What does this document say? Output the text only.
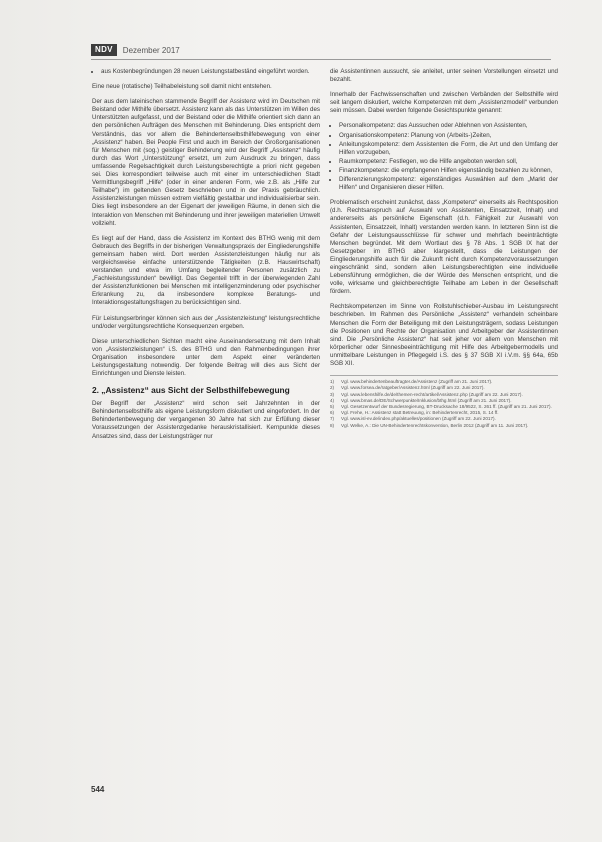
NDV	Dezember 2017
• aus Kostenbegründungen 28 neuen Leistungstatbeständ eingeführt worden.

Eine neue (rotatische) Teilhabeleistung soll damit nicht entstehen.

Der aus dem lateinischen stammende Begriff der Assistenz wird im Deutschen mit Beistand oder Mithilfe übersetzt. Assistenz kann als das Unterstützen im Willen des Unterstützten aufgefasst, und der Beistand oder die Mithilfe orientiert sich dann an den persönlichen Aufträgen des Menschen mit Behinderung. Dies entspricht dem Verständnis, das vor allem die Behindertenselbsthilfebewegung von einer „Assistenz“ haben. Bei People First und auch im Bereich der Großorganisationen für Menschen mit (sog.) geistiger Behinderung wird der Begriff „Assistenz“ häufig durch das Wort „Unterstützung“ ersetzt, um zum Ausdruck zu bringen, dass umfassende Regelsachtigkeit durch Leistungsberechtigte a priori nicht gegeben sei. Dies korrespondiert teilweise auch mit einer im unterschiedlichen Stadt Vermittlungsbegriff „Hilfe“ (oder in einer anderen Form, wie z.B. als „Hilfe zur Teilhabe“) im geltenden Gesetz beschrieben und in der Praxis gebräuchlich. Assistenzleistungen müssen extrem vielfältig gestaltbar und individualisierbar sein. Dies liegt insbesondere an der Eigenart der jeweiligen Räume, in denen sich die Interaktion von Menschen mit Behinderung und ihrer jeweiligen materiellen Umwelt vollzieht.

Es liegt auf der Hand, dass die Assistenz im Kontext des BTHG wenig mit dem Gebrauch des Begriffs in der bisherigen Verwaltungspraxis der Eingliederungshilfe gemeinsam haben wird. Dort werden Assistenzleistungen häufig nur als vergleichsweise einfache unterstützende Tätigkeiten (z.B. Hauswirtschaft) verstanden und etwa im Umfang begleitender Personen zusätzlich zu „Fachleistungsstunden“ bewilligt. Das Gegenteil trifft in der überwiegenden Zahl der Assistenzfunktionen bei Menschen mit intelligenzminderung oder psychischer Erkrankung zu, da insbesondere komplexe Beratungs- und Interaktionsgestaltungsfragen zu berücksichtigen sind.

Für Leistungserbringer können sich aus der „Assistenzleistung“ leistungsrechtliche und/oder vergütungsrechtliche Konsequenzen ergeben.

Diese unterschiedlichen Sichten macht eine Auseinandersetzung mit dem Inhalt von „Assistenzleistungen“ i.S. des BTHG und den Rahmenbedingungen ihrer Organisation insbesondere unter dem Aspekt einer veränderten Leistungsgestaltung notwendig. Der folgende Beitrag will dies aus Sicht der Einrichtungen und Dienste leisten.

2. „Assistenz“ aus Sicht der Selbsthilfebewegung

Der Begriff der „Assistenz“ wird schon seit Jahrzehnten in der Behindertenselbsthilfe als eigene Leistungsform diskutiert und eingefordert. In der Behindertenbewegung der vergangenen 30 Jahre hat sich zur Erfüllung dieser Voraussetzungen der Assistenzgedanke herauskristallisiert. Kernpunkte dieses Ansatzes sind, dass der Leistungsträger nur

die Assistentinnen aussucht, sie anleitet, unter seinen Vorstellungen einsetzt und bezahlt.

Innerhalb der Fachwissenschaften und zwischen Verbänden der Selbsthilfe wird seit langem diskutiert, welche Kompetenzen mit dem „Assistenzmodell“ verbunden sein müssen. Dabei werden folgende Gesichtspunkte genannt:

• Personalkompetenz: das Aussuchen oder Ablehnen von Assistenten,
• Organisationskompetenz: Planung von (Arbeits-)Zeiten,
• Anleitungskompetenz: dem Assistenten die Form, die Art und den Umfang der Hilfen vorzugeben,
• Raumkompetenz: Festlegen, wo die Hilfe angeboten werden soll,
• Finanzkompetenz: die empfangenen Hilfen eigenständig bezahlen zu können,
• Differenzierungskompetenz: eigenständiges Auswählen auf dem „Markt der Hilfen“ und Organisieren dieser Hilfen.

Problematisch erscheint zunächst, dass „Kompetenz“ einerseits als Rechtsposition (d.h. Rechtsanspruch auf Auswahl von Assistenten, Einsatzzeit, Inhalt) und andererseits als persönliche Eigenschaft (d.h. Fähigkeit zur Auswahl von Assistenten, Einsatzzeit, Inhalt) verstanden werden kann. In letzteren Sinn ist die Gefahr der Leistungsausschlüsse für schwer und mehrfach beeinträchtigte Menschen begründet. Mit dem Wortlaut des § 78 Abs. 1 SGB IX hat der Gesetzgeber im BTHG aber klargestellt, dass die Leistungen der Eingliederungshilfe auch für die Zukunft nicht durch Kompetenzvoraussetzungen eingeschränkt sind, sondern allen Leistungsberechtigten eine individuelle Lebensführung ermöglichen, die der Würde des Menschen entspricht, und die volle, wirksame und gleichberechtigte Teilhabe am Leben in der Gesellschaft fördern.

Rechtskompetenzen im Sinne von Rollstuhlschieber-Ausbau im Leistungsrecht beschrieben. Im Rahmen des Persönliche „Assistenz“ verhandeln scheinbare Menschen die Form der Beteiligung mit den Leistungsträgern, sodass Leistungen die Positionen und Rechte der Organisation und Arbeitgeber der Assistentinnen sind. Die „Persönliche Assistenz“ hat seit jeher vor allem von Menschen mit körperlicher oder Sinnesbeeinträchtigung mit Hilfe des Arbeitgebermodells und unmittelbare Leistungen in Pflegegeld i.S. des § 37 SGB XI i.V.m. §§ 64a, 65b SGB XII.

1)	Vgl. www.behindertenbeauftragter.de/Assistenz (Zugriff am 21. Juni 2017).
2)	Vgl. www.forsea.de/ratgeber/Assistenz.html (Zugriff am 22. Juni 2017).
3)	Vgl. www.lebenshilfe.de/de/themen-recht/artikel/Assistenz.php (Zugriff am 22. Juni 2017).
4)	Vgl. www.bmas.de/DE/Schwerpunkte/Inklusion/bthg.html (Zugriff am 21. Juni 2017).
5)	Vgl. Gesetzentwurf der Bundesregierung, BT-Drucksache 18/9522, S. 261 ff. (Zugriff am 21. Juni 2017).
6)	Vgl. Frehe, H.: Assistenz statt Betreuung, in: Behindertenrecht, 2015, S. 14 ff.
7)	Vgl. www.isl-ev.de/index.php/aktuelles/positionen (Zugriff am 22. Juni 2017).
8)	Vgl. Welke, A.: Die UN-Behindertenrechtskonvention, Berlin 2012 (Zugriff am 11. Juni 2017).
544
